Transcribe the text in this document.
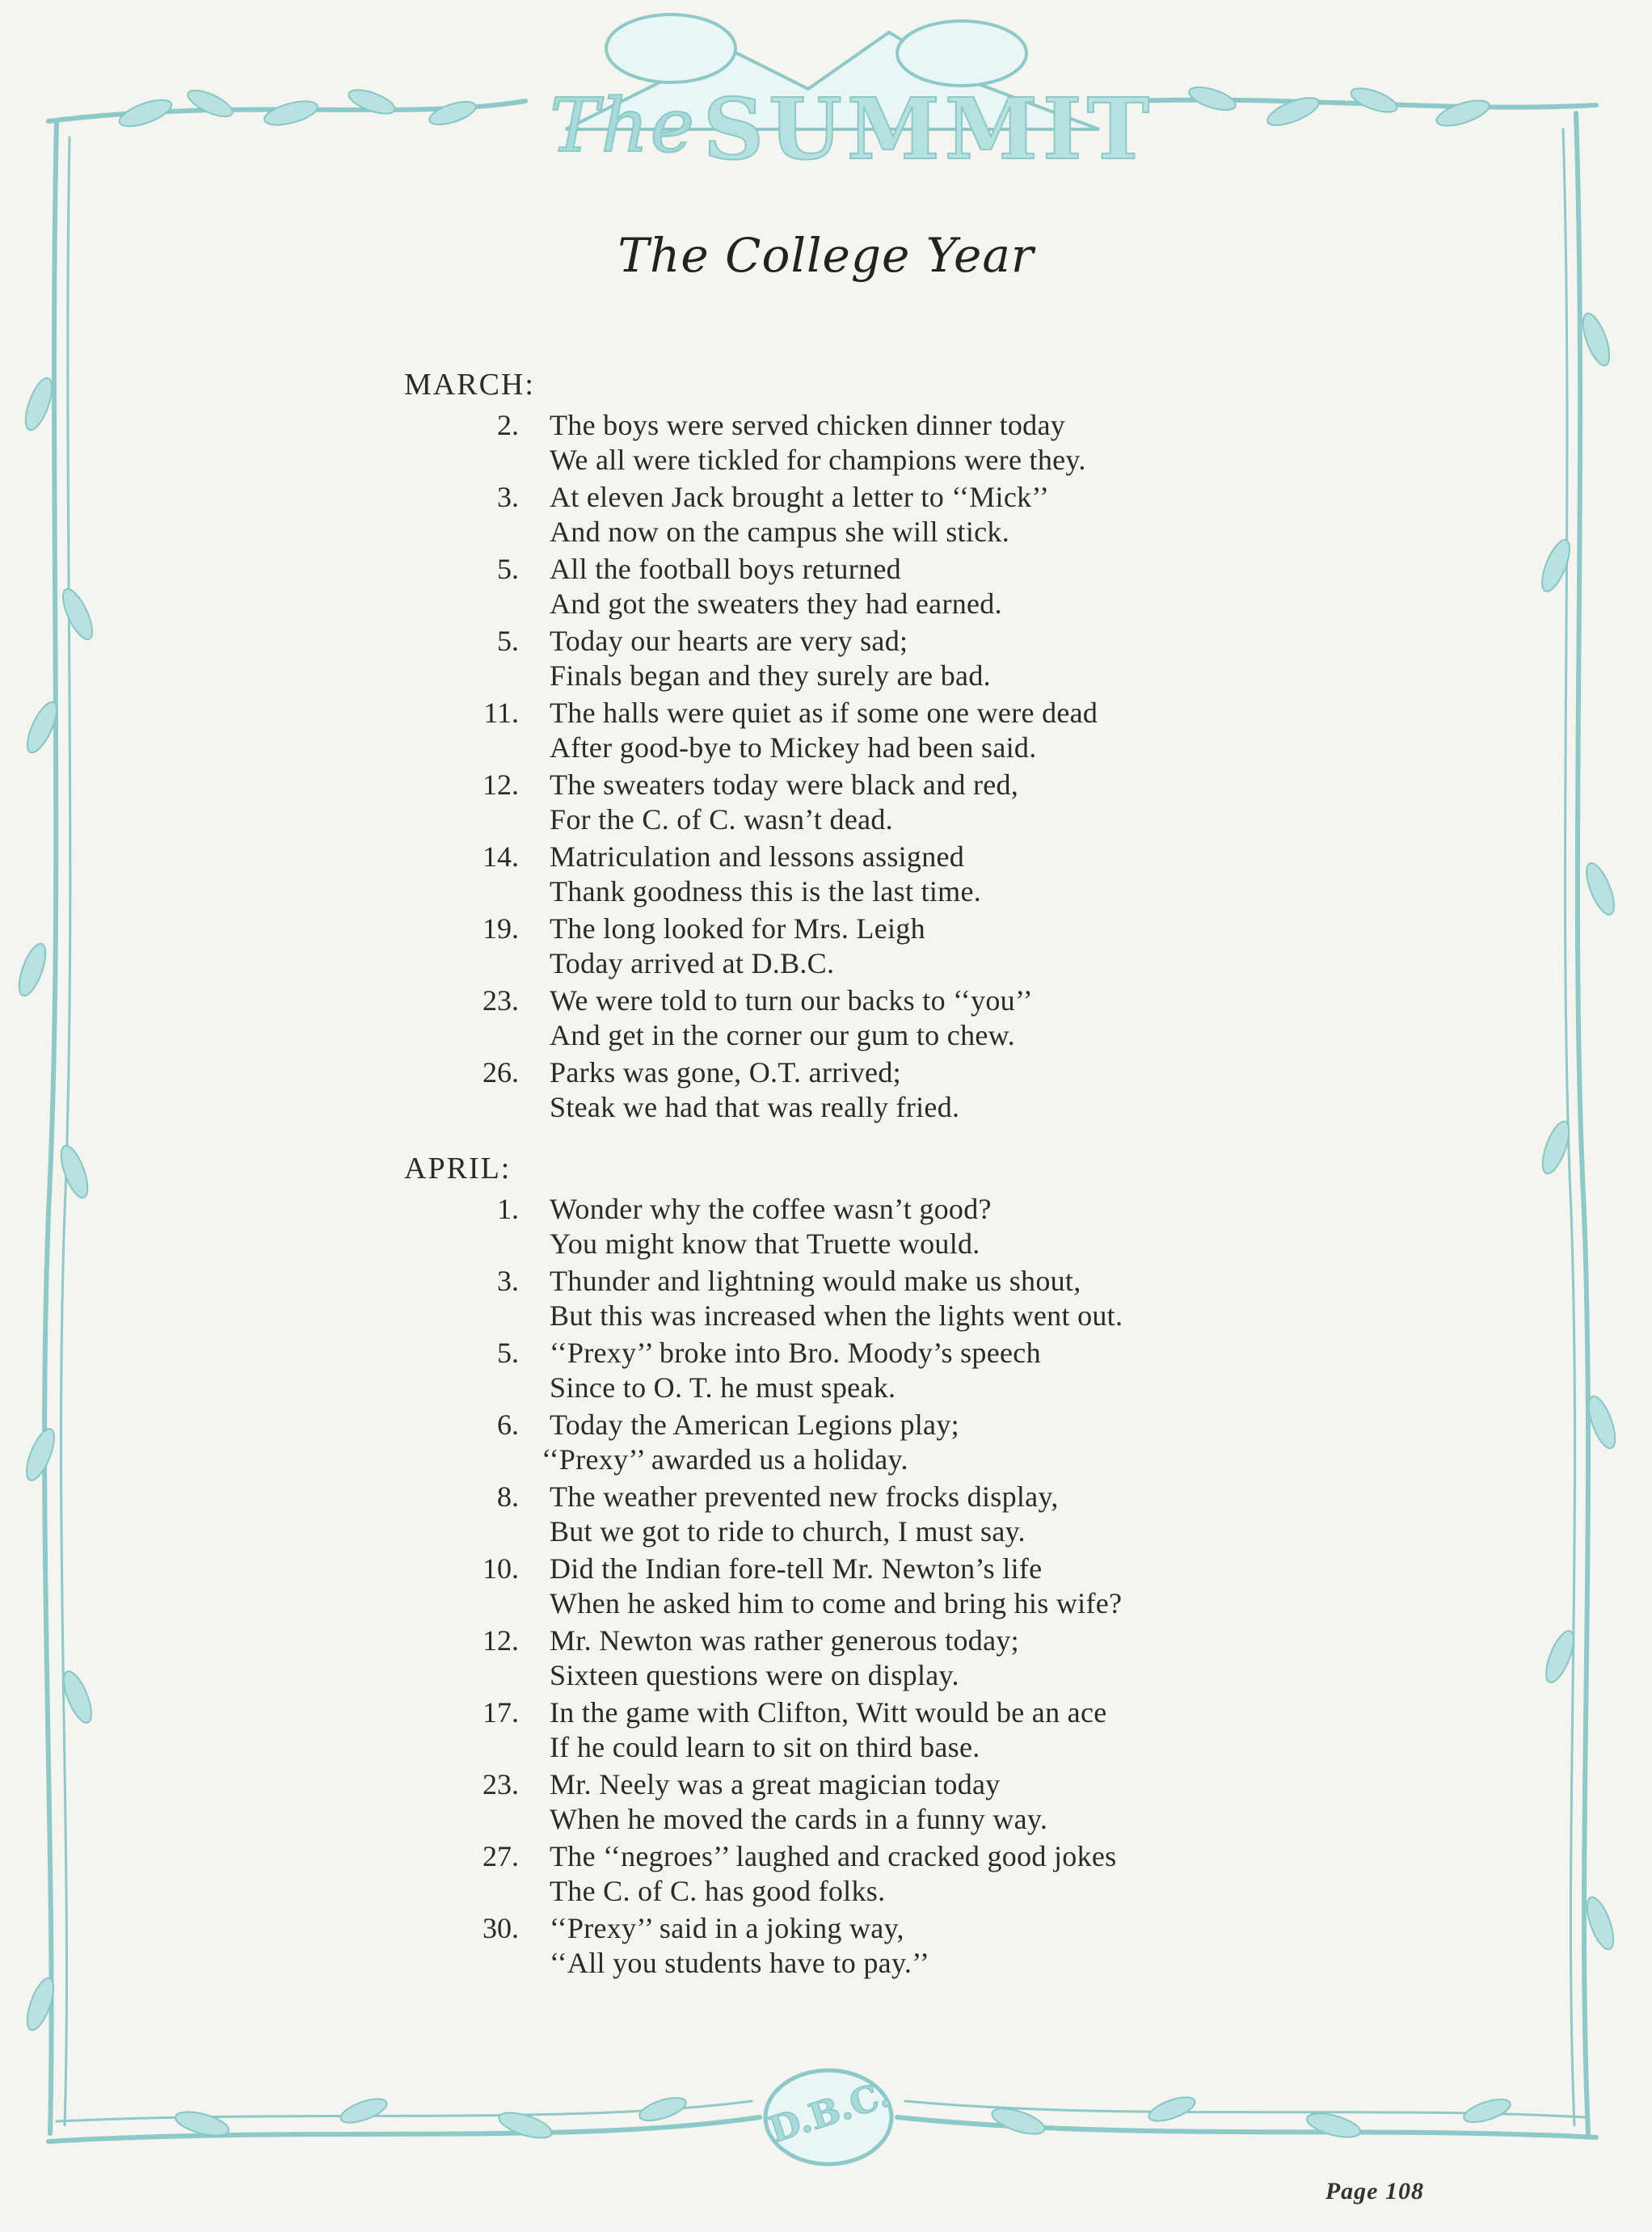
The SUMMIT
D.B.C.
The College Year
MARCH:
2. The boys were served chicken dinner today
We all were tickled for champions were they.
3. At eleven Jack brought a letter to ‘‘Mick’’
And now on the campus she will stick.
5. All the football boys returned
And got the sweaters they had earned.
5. Today our hearts are very sad;
Finals began and they surely are bad.
11. The halls were quiet as if some one were dead
After good-bye to Mickey had been said.
12. The sweaters today were black and red,
For the C. of C. wasn’t dead.
14. Matriculation and lessons assigned
Thank goodness this is the last time.
19. The long looked for Mrs. Leigh
Today arrived at D.B.C.
23. We were told to turn our backs to ‘‘you’’
And get in the corner our gum to chew.
26. Parks was gone, O.T. arrived;
Steak we had that was really fried.
APRIL:
1. Wonder why the coffee wasn’t good?
You might know that Truette would.
3. Thunder and lightning would make us shout,
But this was increased when the lights went out.
5. ‘‘Prexy’’ broke into Bro. Moody’s speech
Since to O. T. he must speak.
6. Today the American Legions play;
‘‘Prexy’’ awarded us a holiday.
8. The weather prevented new frocks display,
But we got to ride to church, I must say.
10. Did the Indian fore-tell Mr. Newton’s life
When he asked him to come and bring his wife?
12. Mr. Newton was rather generous today;
Sixteen questions were on display.
17. In the game with Clifton, Witt would be an ace
If he could learn to sit on third base.
23. Mr. Neely was a great magician today
When he moved the cards in a funny way.
27. The ‘‘negroes’’ laughed and cracked good jokes
The C. of C. has good folks.
30. ‘‘Prexy’’ said in a joking way,
‘‘All you students have to pay.’’
Page 108
